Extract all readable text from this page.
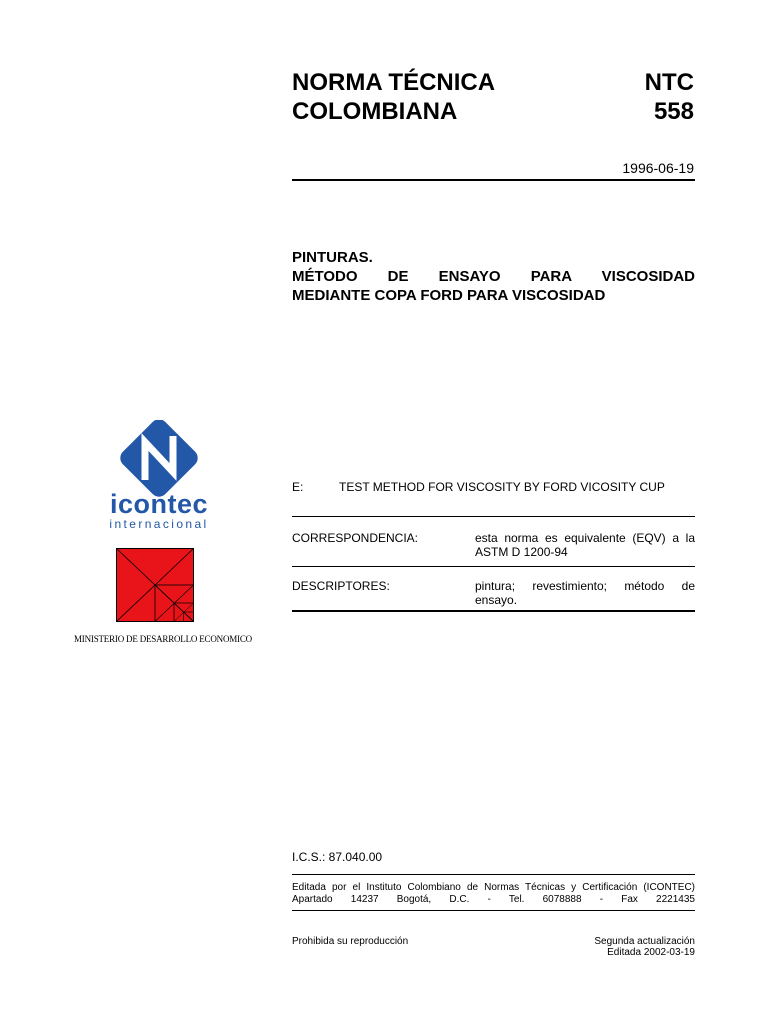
NORMA TÉCNICA
COLOMBIANA
NTC
558
1996-06-19
PINTURAS.
MÉTODO DE ENSAYO PARA VISCOSIDAD
MEDIANTE COPA FORD PARA VISCOSIDAD
icontec
internacional
MINISTERIO DE DESARROLLO ECONOMICO
E:	TEST METHOD FOR VISCOSITY BY FORD VICOSITY CUP
CORRESPONDENCIA:	esta norma es equivalente (EQV) a la
ASTM D 1200-94
DESCRIPTORES:	pintura; revestimiento; método de
ensayo.
I.C.S.: 87.040.00
Editada por el Instituto Colombiano de Normas Técnicas y Certificación (ICONTEC)
Apartado 14237 Bogotá, D.C. - Tel. 6078888 - Fax 2221435
Prohibida su reproducción	Segunda actualización
Editada 2002-03-19
